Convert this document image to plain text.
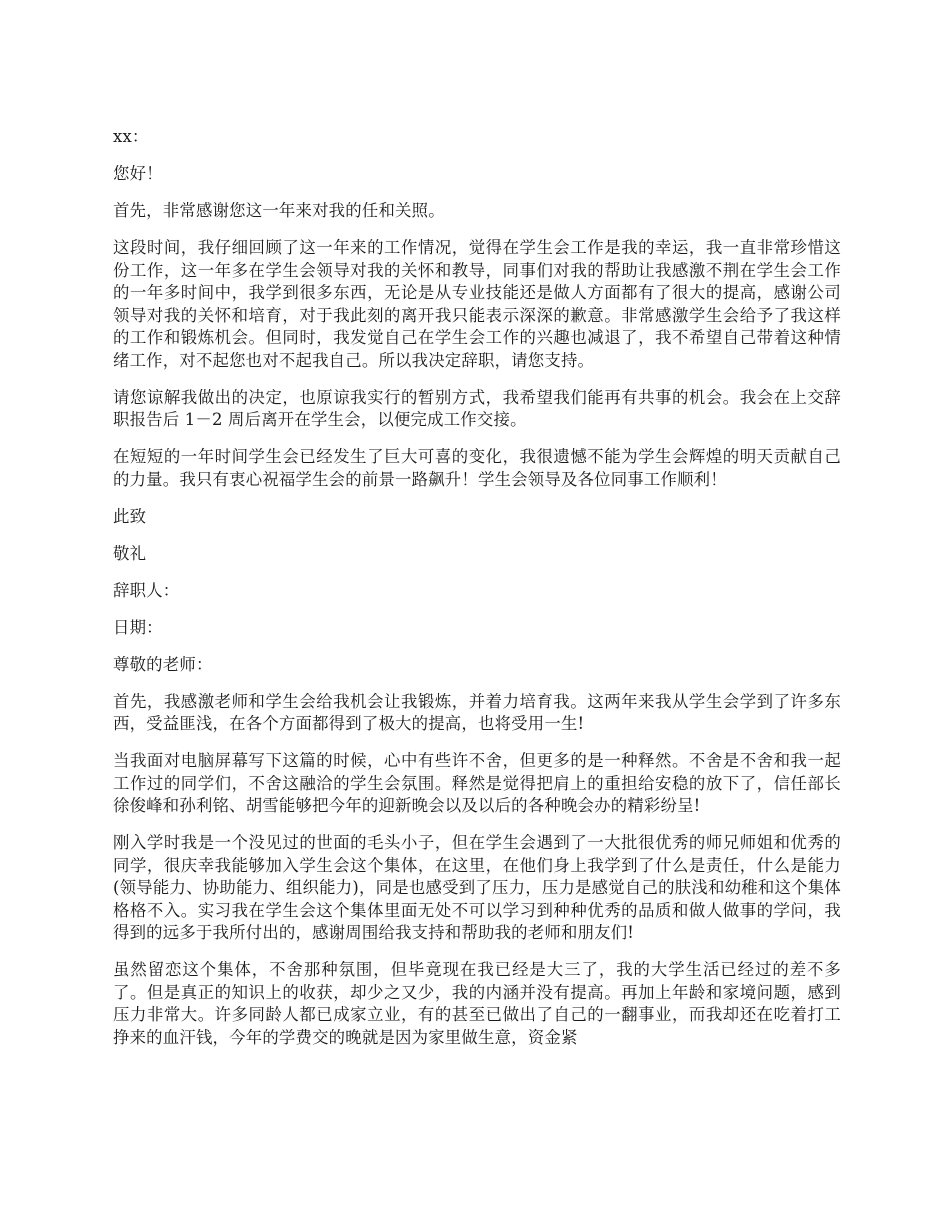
xx：

您好！

首先，非常感谢您这一年来对我的任和关照。

这段时间，我仔细回顾了这一年来的工作情况，觉得在学生会工作是我的幸运，我一直非常珍惜这份工作，这一年多在学生会领导对我的关怀和教导，同事们对我的帮助让我感激不荆在学生会工作的一年多时间中，我学到很多东西，无论是从专业技能还是做人方面都有了很大的提高，感谢公司领导对我的关怀和培育，对于我此刻的离开我只能表示深深的歉意。非常感激学生会给予了我这样的工作和锻炼机会。但同时，我发觉自己在学生会工作的兴趣也减退了，我不希望自己带着这种情绪工作，对不起您也对不起我自己。所以我决定辞职，请您支持。

请您谅解我做出的决定，也原谅我实行的暂别方式，我希望我们能再有共事的机会。我会在上交辞职报告后 1－2 周后离开在学生会，以便完成工作交接。

在短短的一年时间学生会已经发生了巨大可喜的变化，我很遗憾不能为学生会辉煌的明天贡献自己的力量。我只有衷心祝福学生会的前景一路飙升！学生会领导及各位同事工作顺利！

此致

敬礼

辞职人：

日期：

尊敬的老师：

首先，我感激老师和学生会给我机会让我锻炼，并着力培育我。这两年来我从学生会学到了许多东西，受益匪浅，在各个方面都得到了极大的提高，也将受用一生!

当我面对电脑屏幕写下这篇的时候，心中有些许不舍，但更多的是一种释然。不舍是不舍和我一起工作过的同学们，不舍这融洽的学生会氛围。释然是觉得把肩上的重担给安稳的放下了，信任部长徐俊峰和孙利铭、胡雪能够把今年的迎新晚会以及以后的各种晚会办的精彩纷呈!

刚入学时我是一个没见过的世面的毛头小子，但在学生会遇到了一大批很优秀的师兄师姐和优秀的同学，很庆幸我能够加入学生会这个集体，在这里，在他们身上我学到了什么是责任，什么是能力(领导能力、协助能力、组织能力)，同是也感受到了压力，压力是感觉自己的肤浅和幼稚和这个集体格格不入。实习我在学生会这个集体里面无处不可以学习到种种优秀的品质和做人做事的学问，我得到的远多于我所付出的，感谢周围给我支持和帮助我的老师和朋友们!

虽然留恋这个集体，不舍那种氛围，但毕竟现在我已经是大三了，我的大学生活已经过的差不多了。但是真正的知识上的收获，却少之又少，我的内涵并没有提高。再加上年龄和家境问题，感到压力非常大。许多同龄人都已成家立业，有的甚至已做出了自己的一翻事业，而我却还在吃着打工挣来的血汗钱，今年的学费交的晚就是因为家里做生意，资金紧
